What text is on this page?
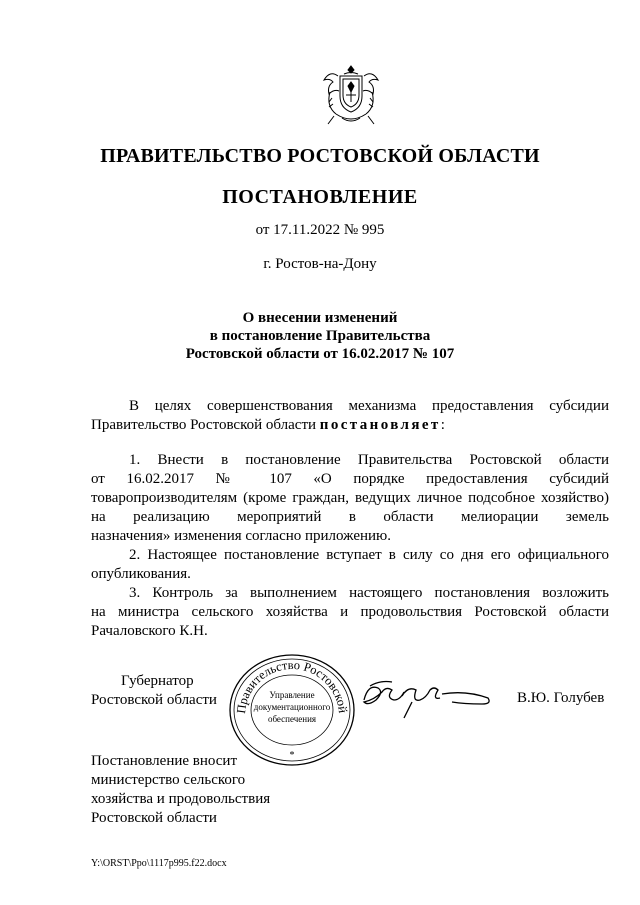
ПРАВИТЕЛЬСТВО РОСТОВСКОЙ ОБЛАСТИ
ПОСТАНОВЛЕНИЕ
от 17.11.2022 № 995
г. Ростов-на-Дону
О внесении изменений
в постановление Правительства
Ростовской области от 16.02.2017 № 107
В целях совершенствования механизма предоставления субсидии
Правительство Ростовской области постановляет:
1. Внести в постановление Правительства Ростовской области
от 16.02.2017 № 107 «О порядке предоставления субсидий
товаропроизводителям (кроме граждан, ведущих личное подсобное хозяйство)
на реализацию мероприятий в области мелиорации земель
назначения» изменения согласно приложению.
2. Настоящее постановление вступает в силу со дня его официального
опубликования.
3. Контроль за выполнением настоящего постановления возложить
на министра сельского хозяйства и продовольствия Ростовской области
Рачаловского К.Н.
Губернатор
Ростовской области
Правительство Ростовской
Управление
документационного
обеспечения
*
В.Ю. Голубев
Постановление вносит
министерство сельского
хозяйства и продовольствия
Ростовской области
Y:\ORST\Ppo\1117p995.f22.docx
